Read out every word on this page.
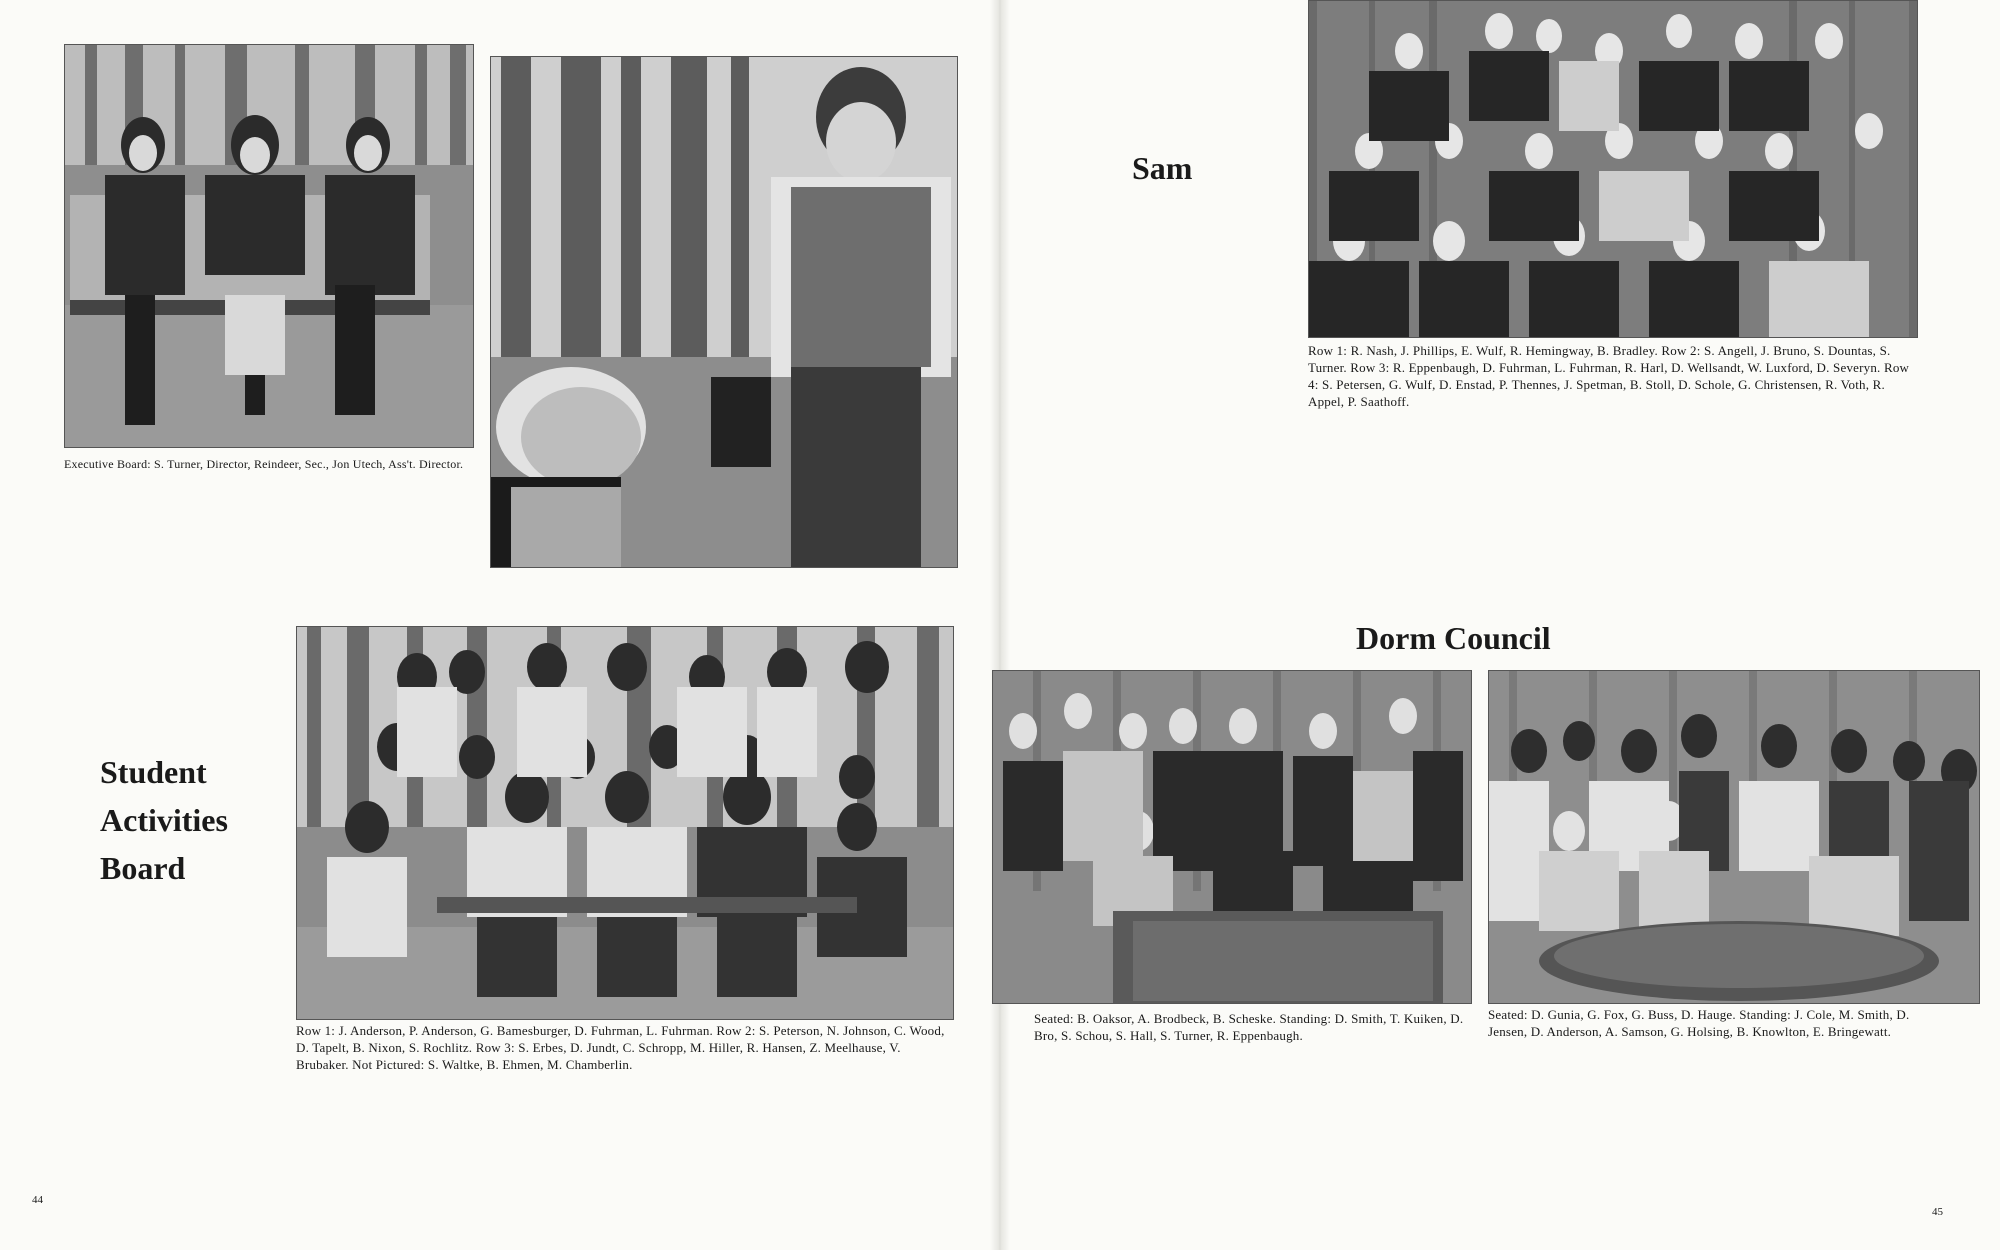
Executive Board: S. Turner, Director, Reindeer, Sec., Jon Utech, Ass't. Director.
Student
Activities
Board
Row 1: J. Anderson, P. Anderson, G. Bamesburger, D. Fuhrman, L. Fuhrman. Row 2: S. Peterson, N. Johnson, C. Wood, D. Tapelt, B. Nixon, S. Rochlitz. Row 3: S. Erbes, D. Jundt, C. Schropp, M. Hiller, R. Hansen, Z. Meelhause, V. Brubaker. Not Pictured: S. Waltke, B. Ehmen, M. Chamberlin.
44
Sam
Row 1: R. Nash, J. Phillips, E. Wulf, R. Hemingway, B. Bradley. Row 2: S. Angell, J. Bruno, S. Dountas, S. Turner. Row 3: R. Eppenbaugh, D. Fuhrman, L. Fuhrman, R. Harl, D. Wellsandt, W. Luxford, D. Severyn. Row 4: S. Petersen, G. Wulf, D. Enstad, P. Thennes, J. Spetman, B. Stoll, D. Schole, G. Christensen, R. Voth, R. Appel, P. Saathoff.
Dorm Council
Seated: B. Oaksor, A. Brodbeck, B. Scheske. Standing: D. Smith, T. Kuiken, D. Bro, S. Schou, S. Hall, S. Turner, R. Eppenbaugh.
Seated: D. Gunia, G. Fox, G. Buss, D. Hauge. Standing: J. Cole, M. Smith, D. Jensen, D. Anderson, A. Samson, G. Holsing, B. Knowlton, E. Bringewatt.
45
